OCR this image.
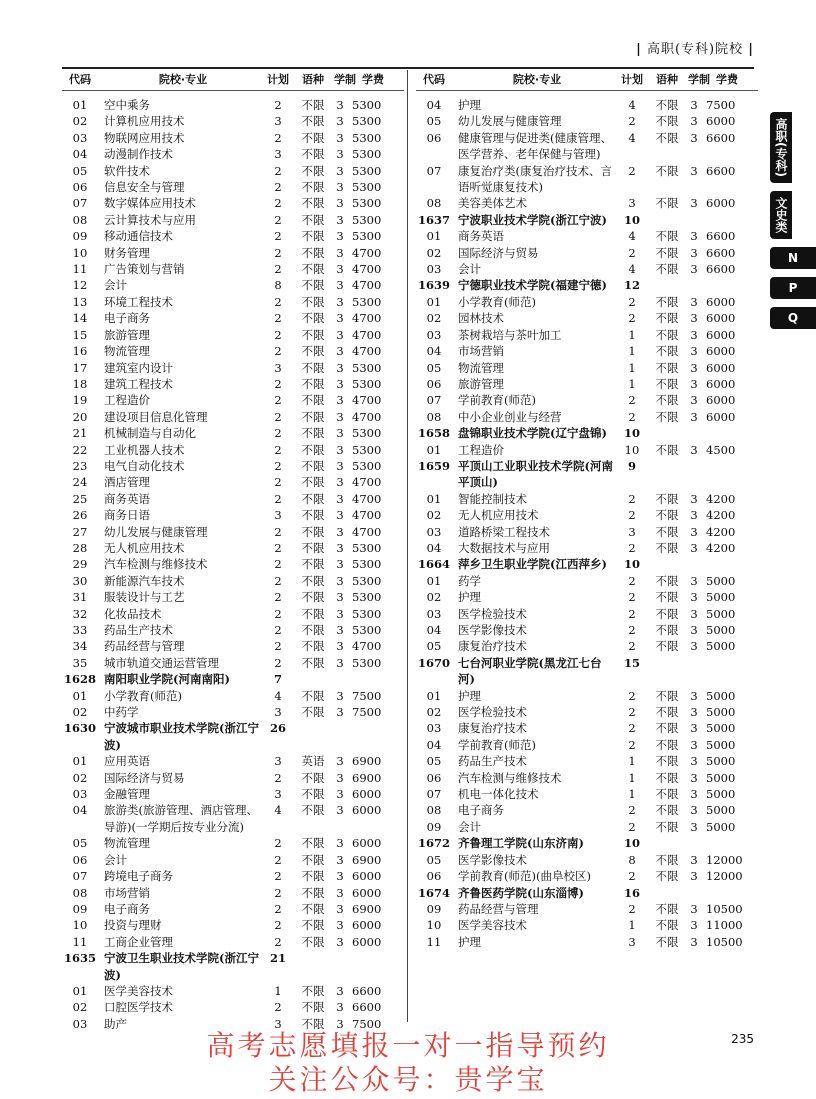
| 高职(专科)院校 |
代码	院校·专业	计划	语种 学制 学费
01	空中乘务	2	不限	3 5300
02	计算机应用技术	3	不限	3 5300
03	物联网应用技术	2	不限	3 5300
04	动漫制作技术	3	不限	3 5300
05	软件技术	2	不限	3 5300
06	信息安全与管理	2	不限	3 5300
07	数字媒体应用技术	2	不限	3 5300
08	云计算技术与应用	2	不限	3 5300
09	移动通信技术	2	不限	3 5300
10	财务管理	2	不限	3 4700
11	广告策划与营销	2	不限	3 4700
12	会计	8	不限	3 4700
13	环境工程技术	2	不限	3 5300
14	电子商务	2	不限	3 4700
15	旅游管理	2	不限	3 4700
16	物流管理	2	不限	3 4700
17	建筑室内设计	3	不限	3 5300
18	建筑工程技术	2	不限	3 5300
19	工程造价	2	不限	3 4700
20	建设项目信息化管理	2	不限	3 4700
21	机械制造与自动化	2	不限	3 5300
22	工业机器人技术	2	不限	3 5300
23	电气自动化技术	2	不限	3 5300
24	酒店管理	2	不限	3 4700
25	商务英语	2	不限	3 4700
26	商务日语	3	不限	3 4700
27	幼儿发展与健康管理	2	不限	3 4700
28	无人机应用技术	2	不限	3 5300
29	汽车检测与维修技术	2	不限	3 5300
30	新能源汽车技术	2	不限	3 5300
31	服装设计与工艺	2	不限	3 5300
32	化妆品技术	2	不限	3 5300
33	药品生产技术	2	不限	3 5300
34	药品经营与管理	2	不限	3 4700
35	城市轨道交通运营管理	2	不限	3 5300
1628 南阳职业学院(河南南阳)	7
01	小学教育(师范)	4	不限	3 7500
02	中药学	3	不限	3 7500
1630 宁波城市职业技术学院(浙江宁波)
26
01	应用英语	3	英语	3 6900
02	国际经济与贸易	2	不限	3 6900
03	金融管理	3	不限	3 6000
04	旅游类(旅游管理、酒店管理、导游)(一学期后按专业分流)
4	不限	3 6000
05	物流管理	2	不限	3 6000
06	会计	2	不限	3 6900
07	跨境电子商务	2	不限	3 6000
08	市场营销	2	不限	3 6000
09	电子商务	2	不限	3 6900
10	投资与理财	2	不限	3 6000
11	工商企业管理	2	不限	3 6000
1635 宁波卫生职业技术学院(浙江宁波)
21
01	医学美容技术	1	不限	3 6600
02	口腔医学技术	2	不限	3 6600
03	助产	3	不限	3 7500
代码	院校·专业	计划	语种 学制 学费
04	护理	4	不限	3 7500
05	幼儿发展与健康管理	2	不限	3 6000
06	健康管理与促进类(健康管理、医学营养、老年保健与管理)
4	不限	3 6600
07	康复治疗类(康复治疗技术、言语听觉康复技术)
2	不限	3 6600
08	美容美体艺术	3	不限	3 6000
1637 宁波职业技术学院(浙江宁波)	10
01	商务英语	4	不限	3 6600
02	国际经济与贸易	2	不限	3 6600
03	会计	4	不限	3 6600
1639 宁德职业技术学院(福建宁德)	12
01	小学教育(师范)	2	不限	3 6000
02	园林技术	2	不限	3 6000
03	茶树栽培与茶叶加工	1	不限	3 6000
04	市场营销	1	不限	3 6000
05	物流管理	1	不限	3 6000
06	旅游管理	1	不限	3 6000
07	学前教育(师范)	2	不限	3 6000
08	中小企业创业与经营	2	不限	3 6000
1658 盘锦职业技术学院(辽宁盘锦)	10
01	工程造价	10	不限	3 4500
1659 平顶山工业职业技术学院(河南平顶山)
9
01	智能控制技术	2	不限	3 4200
02	无人机应用技术	2	不限	3 4200
03	道路桥梁工程技术	3	不限	3 4200
04	大数据技术与应用	2	不限	3 4200
1664 萍乡卫生职业学院(江西萍乡)	10
01	药学	2	不限	3 5000
02	护理	2	不限	3 5000
03	医学检验技术	2	不限	3 5000
04	医学影像技术	2	不限	3 5000
05	康复治疗技术	2	不限	3 5000
1670 七台河职业学院(黑龙江七台河)
15
01	护理	2	不限	3 5000
02	医学检验技术	2	不限	3 5000
03	康复治疗技术	2	不限	3 5000
04	学前教育(师范)	2	不限	3 5000
05	药品生产技术	1	不限	3 5000
06	汽车检测与维修技术	1	不限	3 5000
07	机电一体化技术	1	不限	3 5000
08	电子商务	2	不限	3 5000
09	会计	2	不限	3 5000
1672 齐鲁理工学院(山东济南)	10
05	医学影像技术	8	不限	3 12000
06	学前教育(师范)(曲阜校区)	2	不限	3 12000
1674 齐鲁医药学院(山东淄博)	16
09	药品经营与管理	2	不限	3 10500
10	医学美容技术	1	不限	3 11000
11	护理	3	不限	3 10500
高职(专科)
文史类
N
P
Q
235
高考志愿填报一对一指导预约
关注公众号：贵学宝
